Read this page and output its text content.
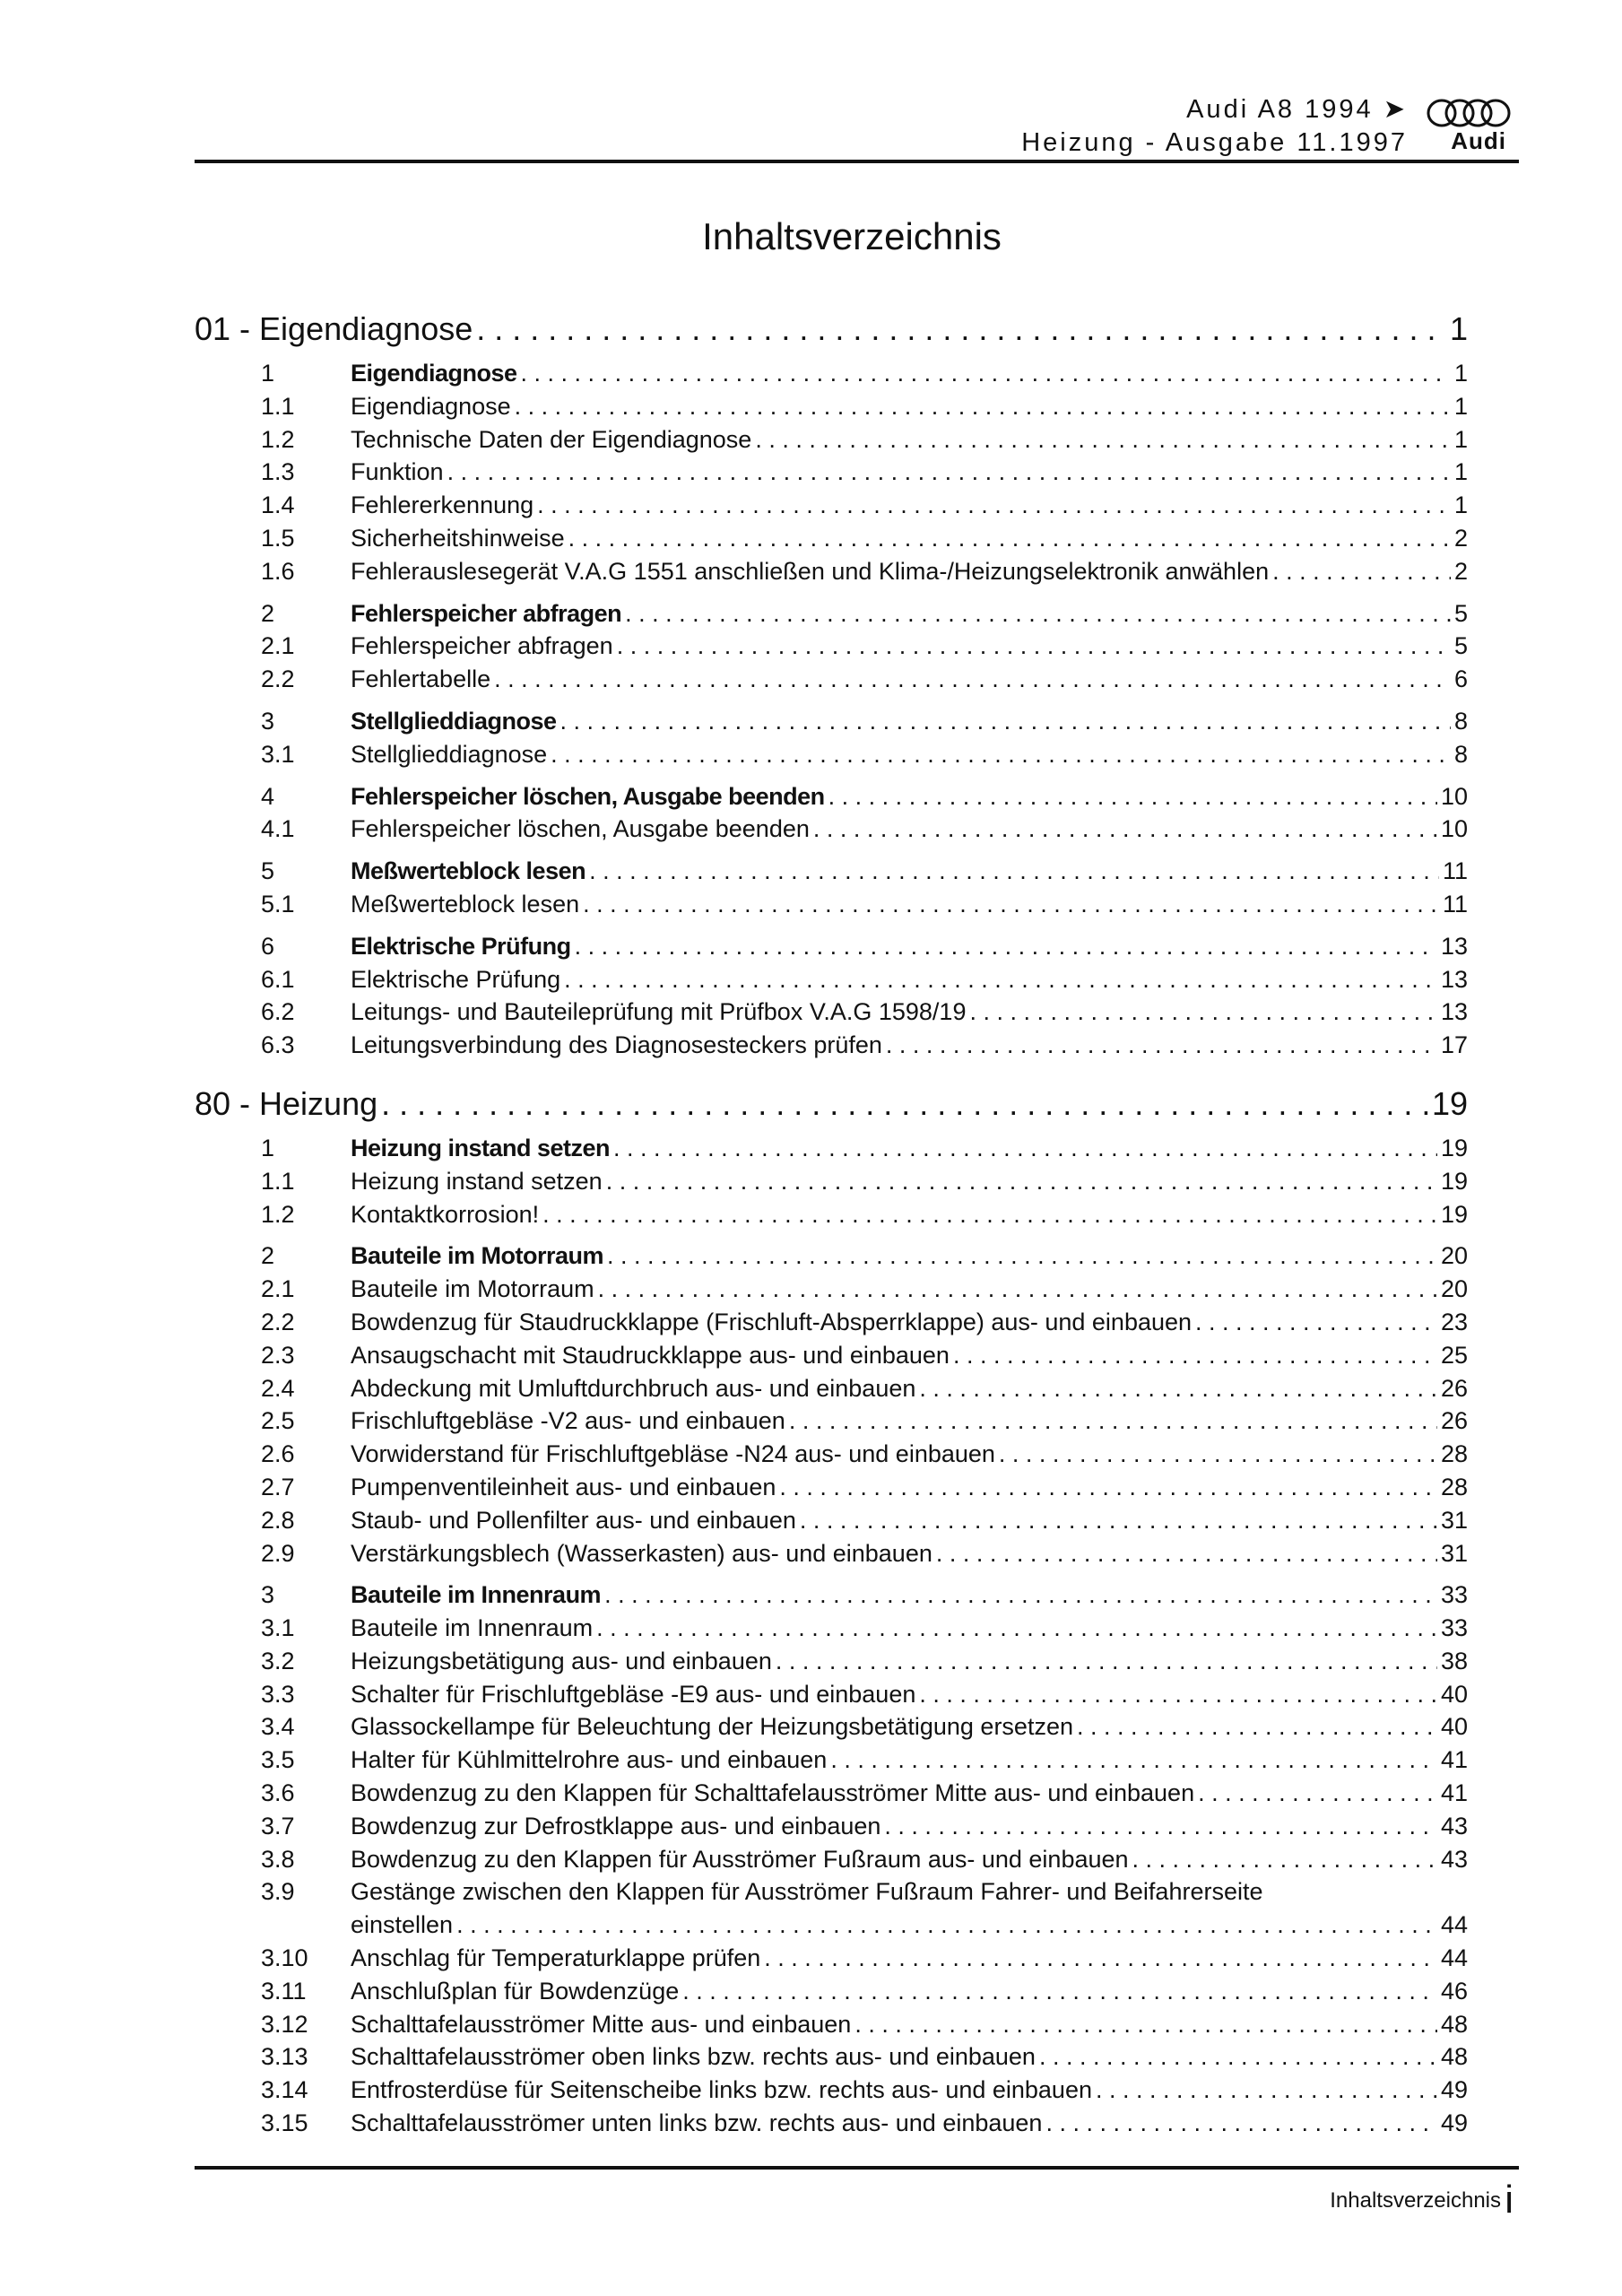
Audi A8 1994 ➤
Heizung - Ausgabe 11.1997 Audi
Inhaltsverzeichnis
01 - Eigendiagnose . . .	1
1	Eigendiagnose . . .	1
1.1	Eigendiagnose . . .	1
1.2	Technische Daten der Eigendiagnose . . .	1
1.3	Funktion . . .	1
1.4	Fehlererkennung . . .	1
1.5	Sicherheitshinweise . . .	2
1.6	Fehlerauslesegerät V.A.G 1551 anschließen und Klima-/Heizungselektronik anwählen . . .	2
2	Fehlerspeicher abfragen . . .	5
2.1	Fehlerspeicher abfragen . . .	5
2.2	Fehlertabelle . . .	6
3	Stellglieddiagnose . . .	8
3.1	Stellglieddiagnose . . .	8
4	Fehlerspeicher löschen, Ausgabe beenden . . .	10
4.1	Fehlerspeicher löschen, Ausgabe beenden . . .	10
5	Meßwerteblock lesen . . .	11
5.1	Meßwerteblock lesen . . .	11
6	Elektrische Prüfung . . .	13
6.1	Elektrische Prüfung . . .	13
6.2	Leitungs- und Bauteileprüfung mit Prüfbox V.A.G 1598/19 . . .	13
6.3	Leitungsverbindung des Diagnosesteckers prüfen . . .	17
80 - Heizung . . .	19
1	Heizung instand setzen . . .	19
1.1	Heizung instand setzen . . .	19
1.2	Kontaktkorrosion! . . .	19
2	Bauteile im Motorraum . . .	20
2.1	Bauteile im Motorraum . . .	20
2.2	Bowdenzug für Staudruckklappe (Frischluft-Absperrklappe) aus- und einbauen . . .	23
2.3	Ansaugschacht mit Staudruckklappe aus- und einbauen . . .	25
2.4	Abdeckung mit Umluftdurchbruch aus- und einbauen . . .	26
2.5	Frischluftgebläse -V2 aus- und einbauen . . .	26
2.6	Vorwiderstand für Frischluftgebläse -N24 aus- und einbauen . . .	28
2.7	Pumpenventileinheit aus- und einbauen . . .	28
2.8	Staub- und Pollenfilter aus- und einbauen . . .	31
2.9	Verstärkungsblech (Wasserkasten) aus- und einbauen . . .	31
3	Bauteile im Innenraum . . .	33
3.1	Bauteile im Innenraum . . .	33
3.2	Heizungsbetätigung aus- und einbauen . . .	38
3.3	Schalter für Frischluftgebläse -E9 aus- und einbauen . . .	40
3.4	Glassockellampe für Beleuchtung der Heizungsbetätigung ersetzen . . .	40
3.5	Halter für Kühlmittelrohre aus- und einbauen . . .	41
3.6	Bowdenzug zu den Klappen für Schalttafelausströmer Mitte aus- und einbauen . . .	41
3.7	Bowdenzug zur Defrostklappe aus- und einbauen . . .	43
3.8	Bowdenzug zu den Klappen für Ausströmer Fußraum aus- und einbauen . . .	43
3.9	Gestänge zwischen den Klappen für Ausströmer Fußraum Fahrer- und Beifahrerseite
einstellen . . .	44
3.10	Anschlag für Temperaturklappe prüfen . . .	44
3.11	Anschlußplan für Bowdenzüge . . .	46
3.12	Schalttafelausströmer Mitte aus- und einbauen . . .	48
3.13	Schalttafelausströmer oben links bzw. rechts aus- und einbauen . . .	48
3.14	Entfrosterdüse für Seitenscheibe links bzw. rechts aus- und einbauen . . .	49
3.15	Schalttafelausströmer unten links bzw. rechts aus- und einbauen . . .	49
Inhaltsverzeichnis i
